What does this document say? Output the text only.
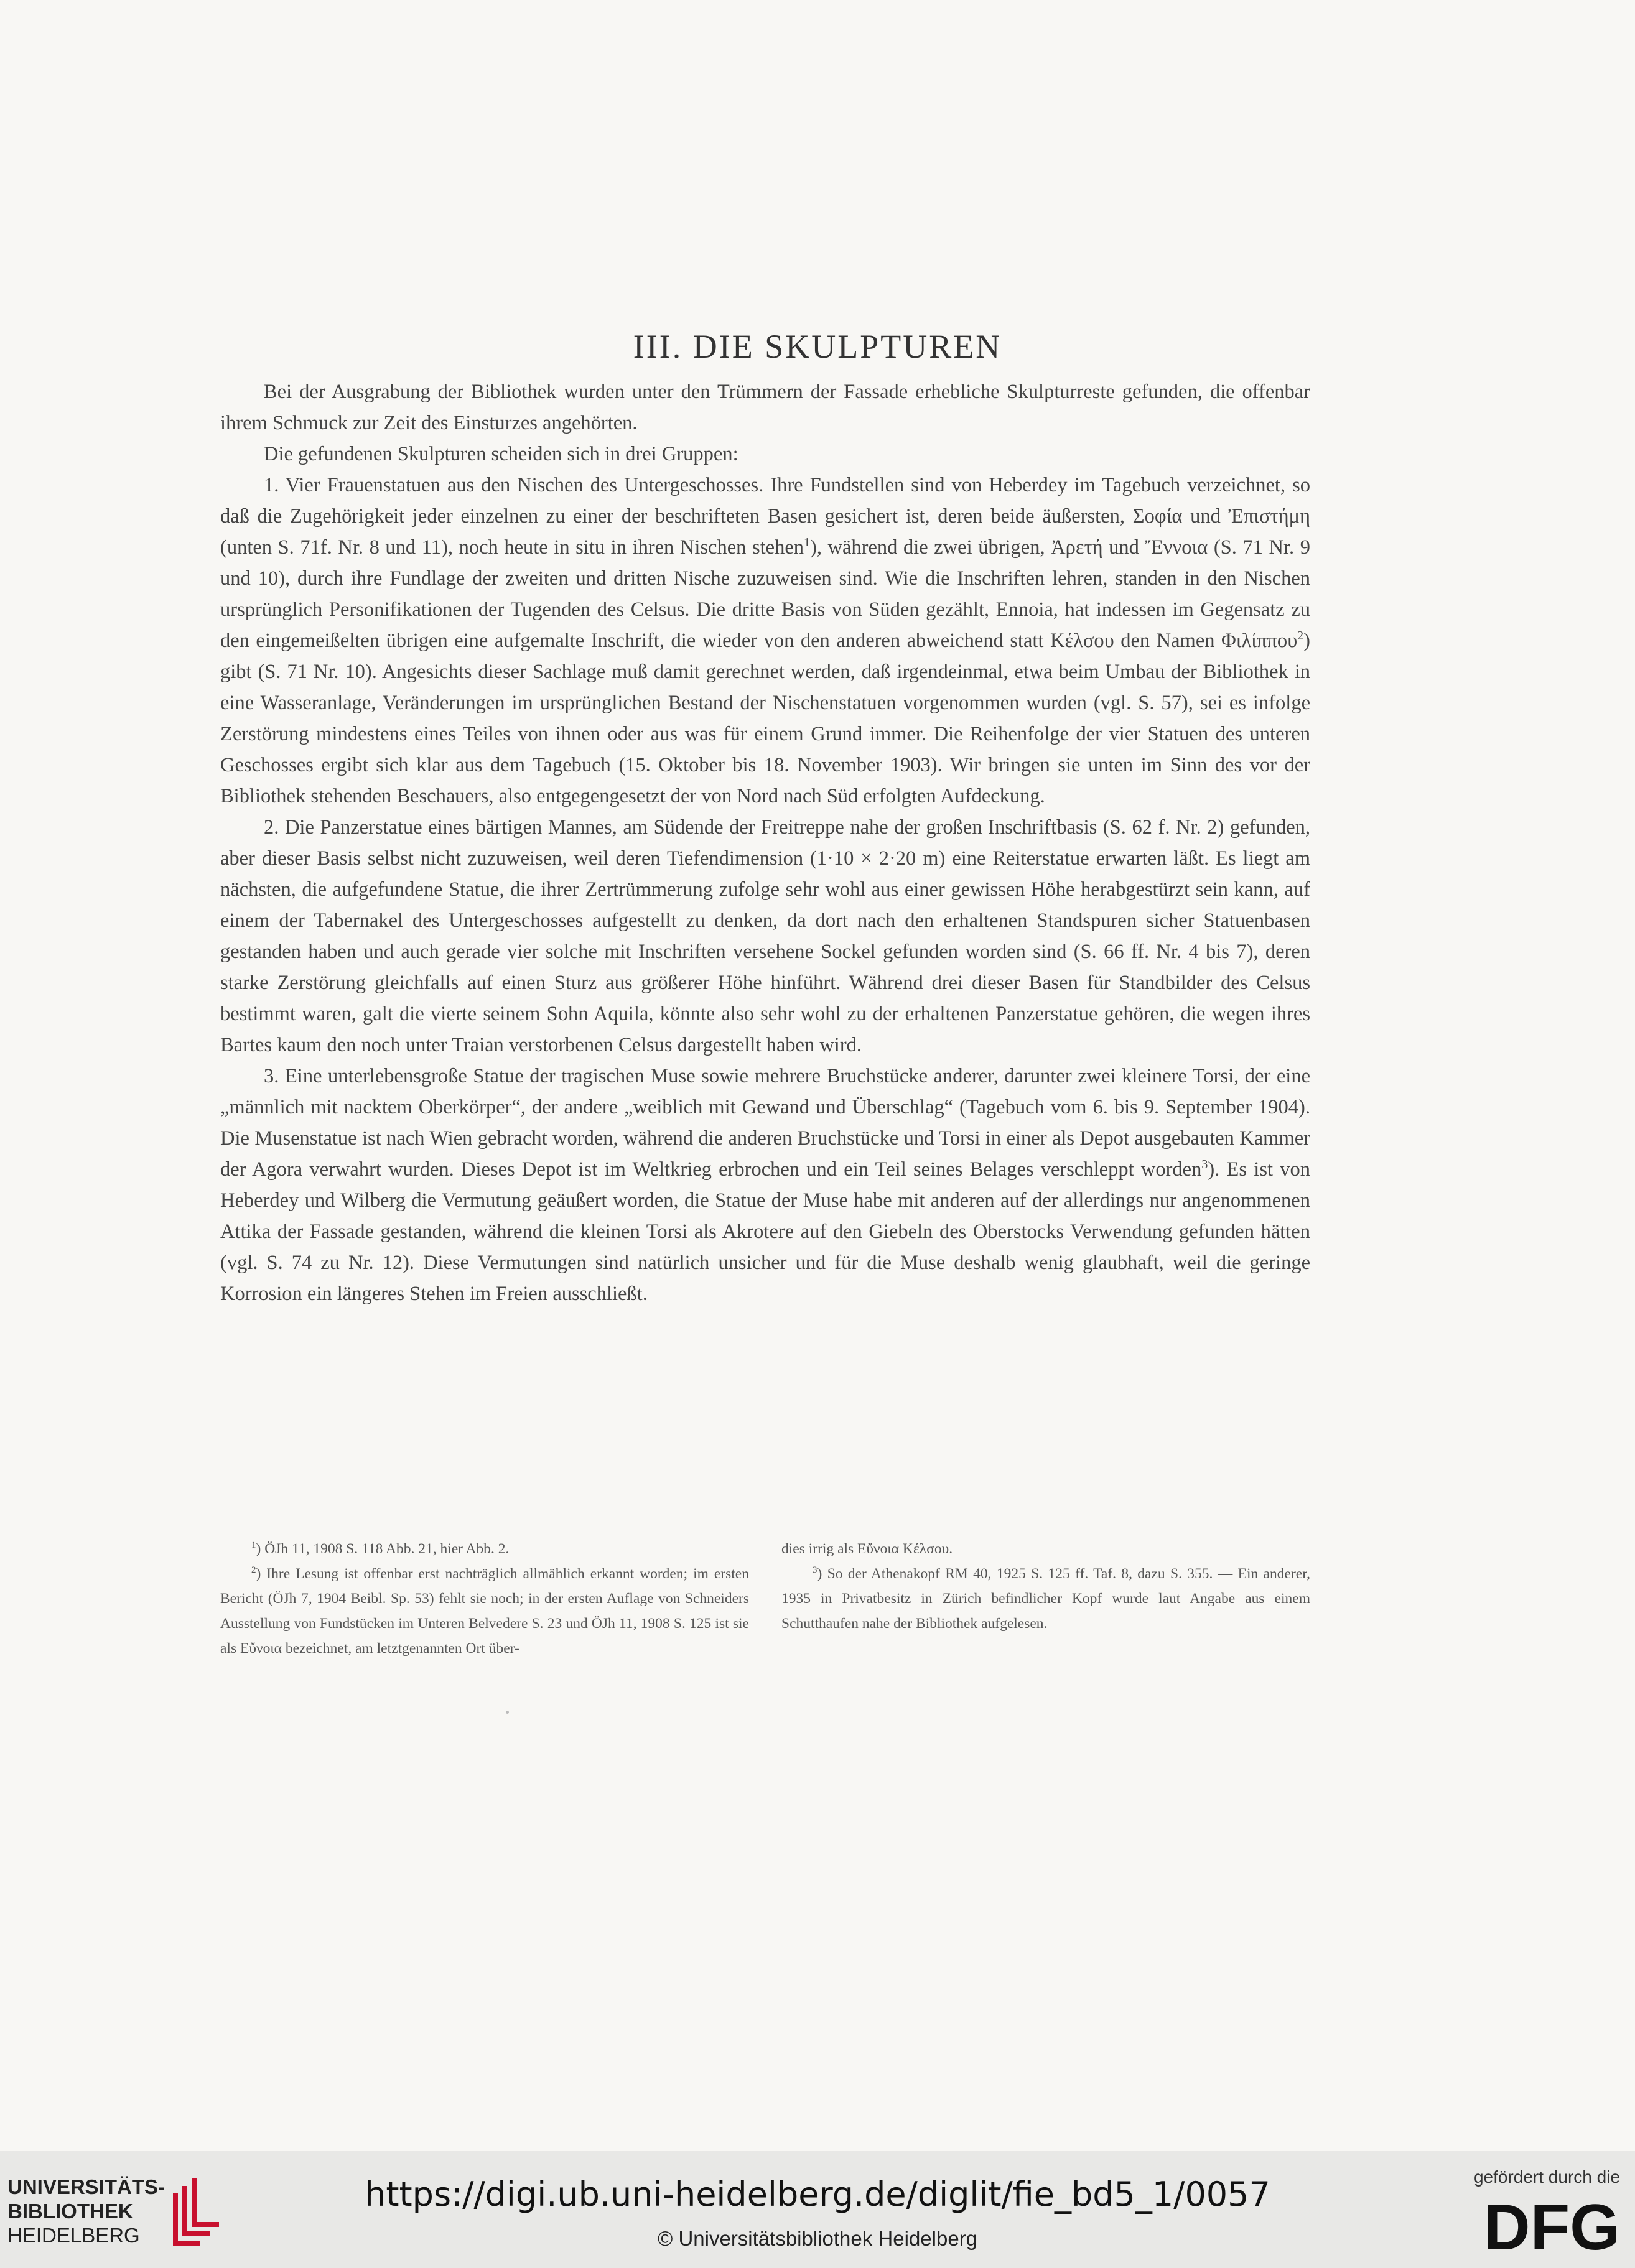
III. DIE SKULPTUREN

Bei der Ausgrabung der Bibliothek wurden unter den Trümmern der Fassade erhebliche Skulpturreste gefunden, die offenbar ihrem Schmuck zur Zeit des Einsturzes angehörten.

Die gefundenen Skulpturen scheiden sich in drei Gruppen:

1. Vier Frauenstatuen aus den Nischen des Untergeschosses. Ihre Fundstellen sind von Heberdey im Tagebuch verzeichnet, so daß die Zugehörigkeit jeder einzelnen zu einer der beschrifteten Basen gesichert ist, deren beide äußersten, Σοφία und Ἐπιστήμη (unten S. 71f. Nr. 8 und 11), noch heute in situ in ihren Nischen stehen$^1$), während die zwei übrigen, Ἀρετή und Ἔννοια (S. 71 Nr. 9 und 10), durch ihre Fundlage der zweiten und dritten Nische zuzuweisen sind. Wie die Inschriften lehren, standen in den Nischen ursprünglich Personifikationen der Tugenden des Celsus. Die dritte Basis von Süden gezählt, Ennoia, hat indessen im Gegensatz zu den eingemeißelten übrigen eine aufgemalte Inschrift, die wieder von den anderen abweichend statt Κέλσου den Namen Φιλίππου$^2$) gibt (S. 71 Nr. 10). Angesichts dieser Sachlage muß damit gerechnet werden, daß irgendeinmal, etwa beim Umbau der Bibliothek in eine Wasseranlage, Veränderungen im ursprünglichen Bestand der Nischenstatuen vorgenommen wurden (vgl. S. 57), sei es infolge Zerstörung mindestens eines Teiles von ihnen oder aus was für einem Grund immer. Die Reihenfolge der vier Statuen des unteren Geschosses ergibt sich klar aus dem Tagebuch (15. Oktober bis 18. November 1903). Wir bringen sie unten im Sinn des vor der Bibliothek stehenden Beschauers, also entgegengesetzt der von Nord nach Süd erfolgten Aufdeckung.

2. Die Panzerstatue eines bärtigen Mannes, am Südende der Freitreppe nahe der großen Inschriftbasis (S. 62 f. Nr. 2) gefunden, aber dieser Basis selbst nicht zuzuweisen, weil deren Tiefendimension (1·10 × 2·20 m) eine Reiterstatue erwarten läßt. Es liegt am nächsten, die aufgefundene Statue, die ihrer Zertrümmerung zufolge sehr wohl aus einer gewissen Höhe herabgestürzt sein kann, auf einem der Tabernakel des Untergeschosses aufgestellt zu denken, da dort nach den erhaltenen Standspuren sicher Statuenbasen gestanden haben und auch gerade vier solche mit Inschriften versehene Sockel gefunden worden sind (S. 66 ff. Nr. 4 bis 7), deren starke Zerstörung gleichfalls auf einen Sturz aus größerer Höhe hinführt. Während drei dieser Basen für Standbilder des Celsus bestimmt waren, galt die vierte seinem Sohn Aquila, könnte also sehr wohl zu der erhaltenen Panzerstatue gehören, die wegen ihres Bartes kaum den noch unter Traian verstorbenen Celsus dargestellt haben wird.

3. Eine unterlebensgroße Statue der tragischen Muse sowie mehrere Bruchstücke anderer, darunter zwei kleinere Torsi, der eine „männlich mit nacktem Oberkörper“, der andere „weiblich mit Gewand und Überschlag“ (Tagebuch vom 6. bis 9. September 1904). Die Musenstatue ist nach Wien gebracht worden, während die anderen Bruchstücke und Torsi in einer als Depot ausgebauten Kammer der Agora verwahrt wurden. Dieses Depot ist im Weltkrieg erbrochen und ein Teil seines Belages verschleppt worden$^3$). Es ist von Heberdey und Wilberg die Vermutung geäußert worden, die Statue der Muse habe mit anderen auf der allerdings nur angenommenen Attika der Fassade gestanden, während die kleinen Torsi als Akrotere auf den Giebeln des Oberstocks Verwendung gefunden hätten (vgl. S. 74 zu Nr. 12). Diese Vermutungen sind natürlich unsicher und für die Muse deshalb wenig glaubhaft, weil die geringe Korrosion ein längeres Stehen im Freien ausschließt.

$^1$) ÖJh 11, 1908 S. 118 Abb. 21, hier Abb. 2.

$^2$) Ihre Lesung ist offenbar erst nachträglich allmählich erkannt worden; im ersten Bericht (ÖJh 7, 1904 Beibl. Sp. 53) fehlt sie noch; in der ersten Auflage von Schneiders Ausstellung von Fundstücken im Unteren Belvedere S. 23 und ÖJh 11, 1908 S. 125 ist sie als Εὔνοια bezeichnet, am letztgenannten Ort über-

dies irrig als Εὔνοια Κέλσου.

$^3$) So der Athenakopf RM 40, 1925 S. 125 ff. Taf. 8, dazu S. 355. — Ein anderer, 1935 in Privatbesitz in Zürich befindlicher Kopf wurde laut Angabe aus einem Schutthaufen nahe der Bibliothek aufgelesen.

UNIVERSITÄTS-
BIBLIOTHEK
HEIDELBERG
https://digi.ub.uni-heidelberg.de/diglit/fie_bd5_1/0057
© Universitätsbibliothek Heidelberg
gefördert durch die
DFG
